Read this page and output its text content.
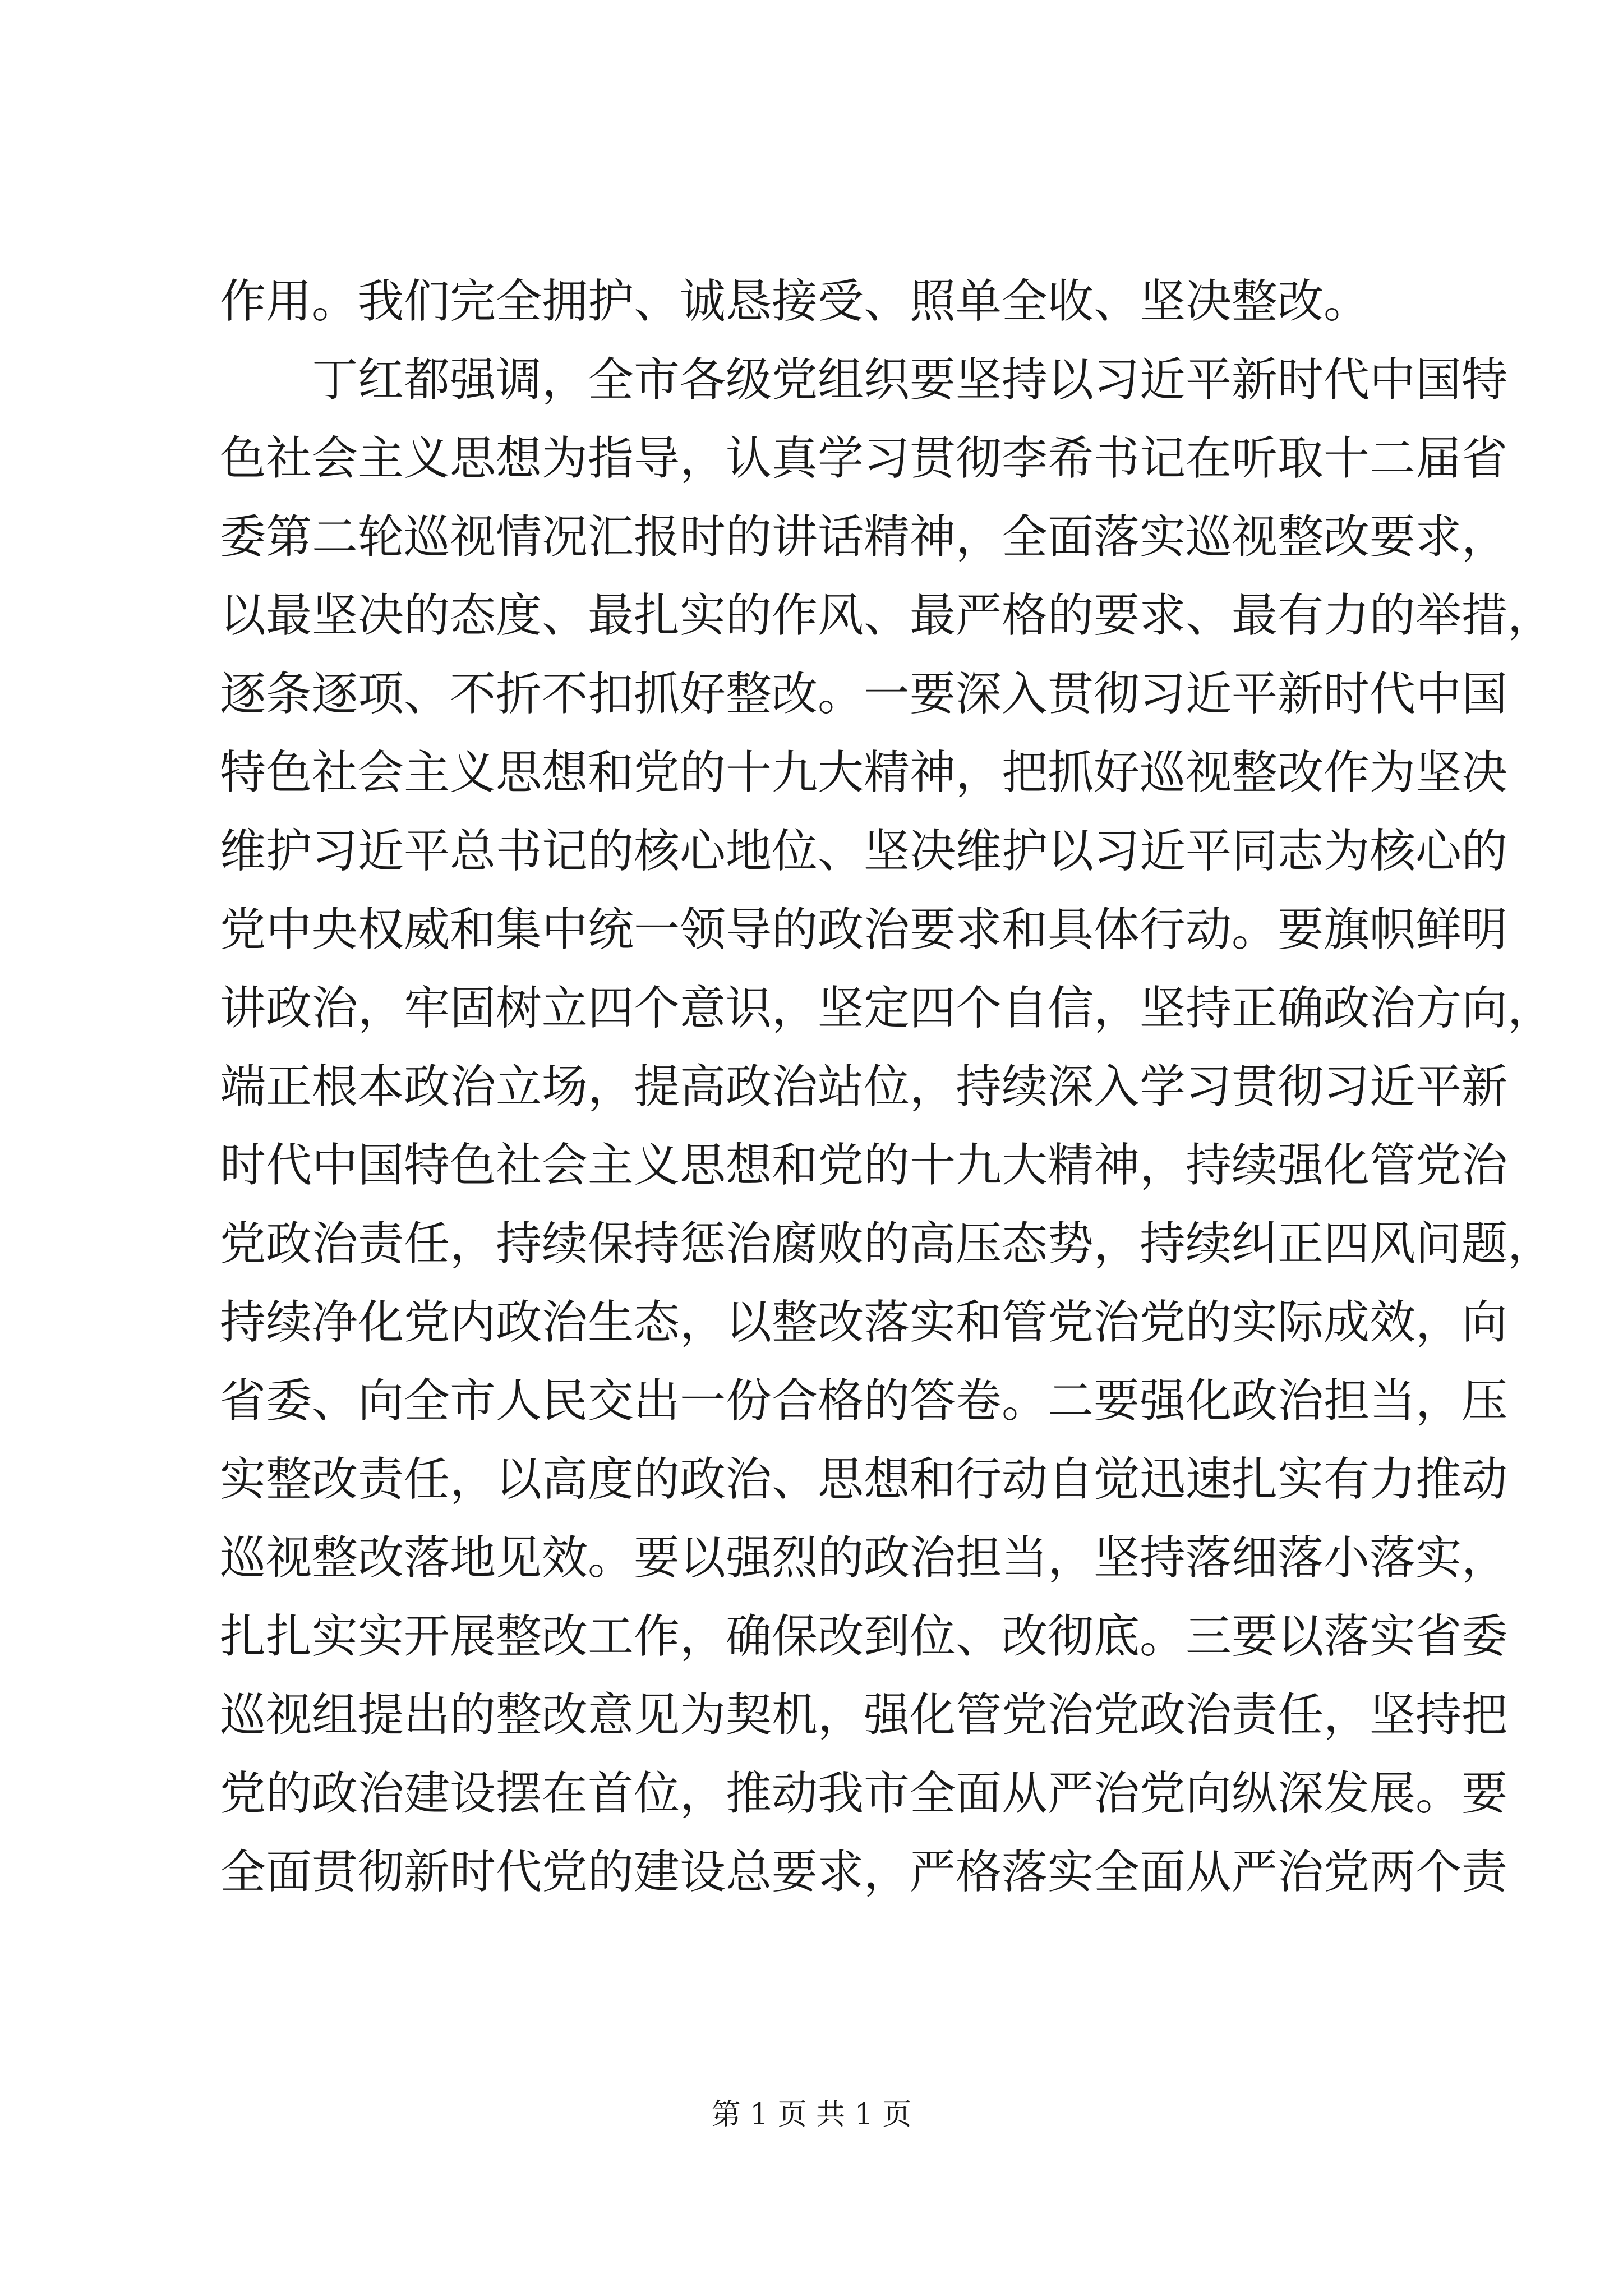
作用。我们完全拥护、诚恳接受、照单全收、坚决整改。
丁红都强调，全市各级党组织要坚持以习近平新时代中国特
色社会主义思想为指导，认真学习贯彻李希书记在听取十二届省
委第二轮巡视情况汇报时的讲话精神，全面落实巡视整改要求，
以最坚决的态度、最扎实的作风、最严格的要求、最有力的举措，
逐条逐项、不折不扣抓好整改。一要深入贯彻习近平新时代中国
特色社会主义思想和党的十九大精神，把抓好巡视整改作为坚决
维护习近平总书记的核心地位、坚决维护以习近平同志为核心的
党中央权威和集中统一领导的政治要求和具体行动。要旗帜鲜明
讲政治，牢固树立四个意识，坚定四个自信，坚持正确政治方向，
端正根本政治立场，提高政治站位，持续深入学习贯彻习近平新
时代中国特色社会主义思想和党的十九大精神，持续强化管党治
党政治责任，持续保持惩治腐败的高压态势，持续纠正四风问题，
持续净化党内政治生态，以整改落实和管党治党的实际成效，向
省委、向全市人民交出一份合格的答卷。二要强化政治担当，压
实整改责任，以高度的政治、思想和行动自觉迅速扎实有力推动
巡视整改落地见效。要以强烈的政治担当，坚持落细落小落实，
扎扎实实开展整改工作，确保改到位、改彻底。三要以落实省委
巡视组提出的整改意见为契机，强化管党治党政治责任，坚持把
党的政治建设摆在首位，推动我市全面从严治党向纵深发展。要
全面贯彻新时代党的建设总要求，严格落实全面从严治党两个责
第 1 页 共 1 页
